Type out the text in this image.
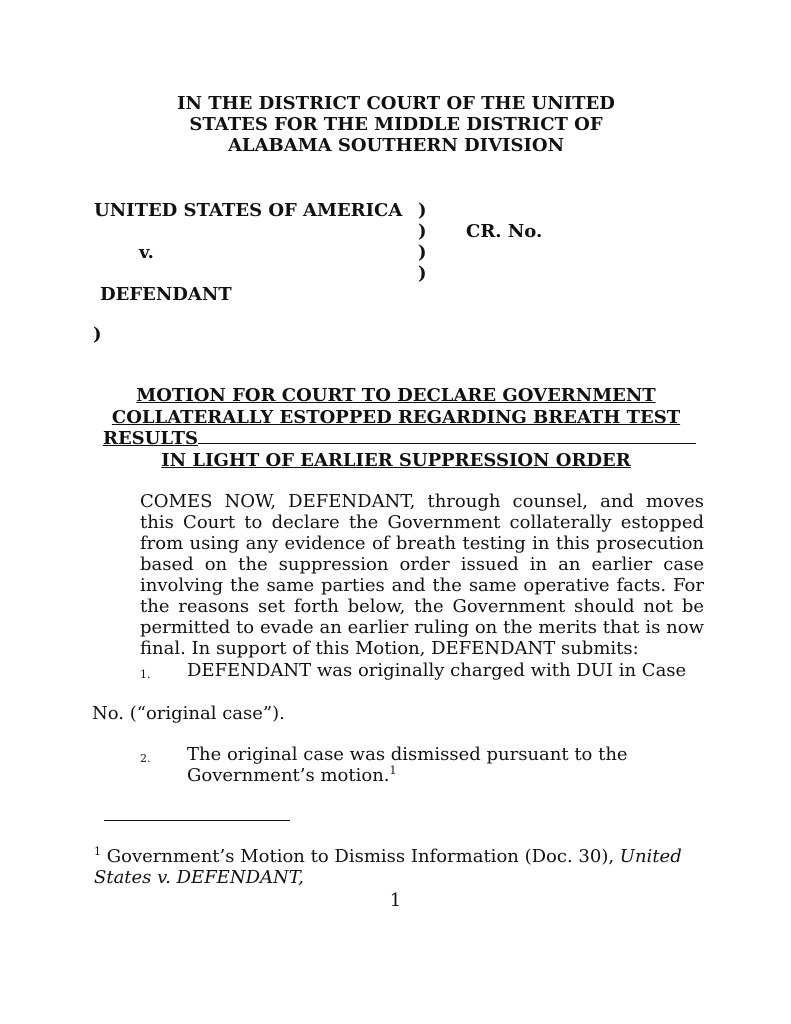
IN THE DISTRICT COURT OF THE UNITED
STATES FOR THE MIDDLE DISTRICT OF
ALABAMA SOUTHERN DIVISION
UNITED STATES OF AMERICA )
) CR. No.
v.	)
)
DEFENDANT
)
MOTION FOR COURT TO DECLARE GOVERNMENT
COLLATERALLY ESTOPPED REGARDING BREATH TEST
RESULTS
IN LIGHT OF EARLIER SUPPRESSION ORDER

COMES NOW, DEFENDANT, through counsel, and moves this Court to declare the Government collaterally estopped from using any evidence of breath testing in this prosecution based on the suppression order issued in an earlier case involving the same parties and the same operative facts. For the reasons set forth below, the Government should not be permitted to evade an earlier ruling on the merits that is now final. In support of this Motion, DEFENDANT submits:

1. DEFENDANT was originally charged with DUI in Case
No. (“original case”).
2. The original case was dismissed pursuant to the
Government’s motion.$^1$
$^1$ Government’s Motion to Dismiss Information (Doc. 30), United States v. DEFENDANT,
1
